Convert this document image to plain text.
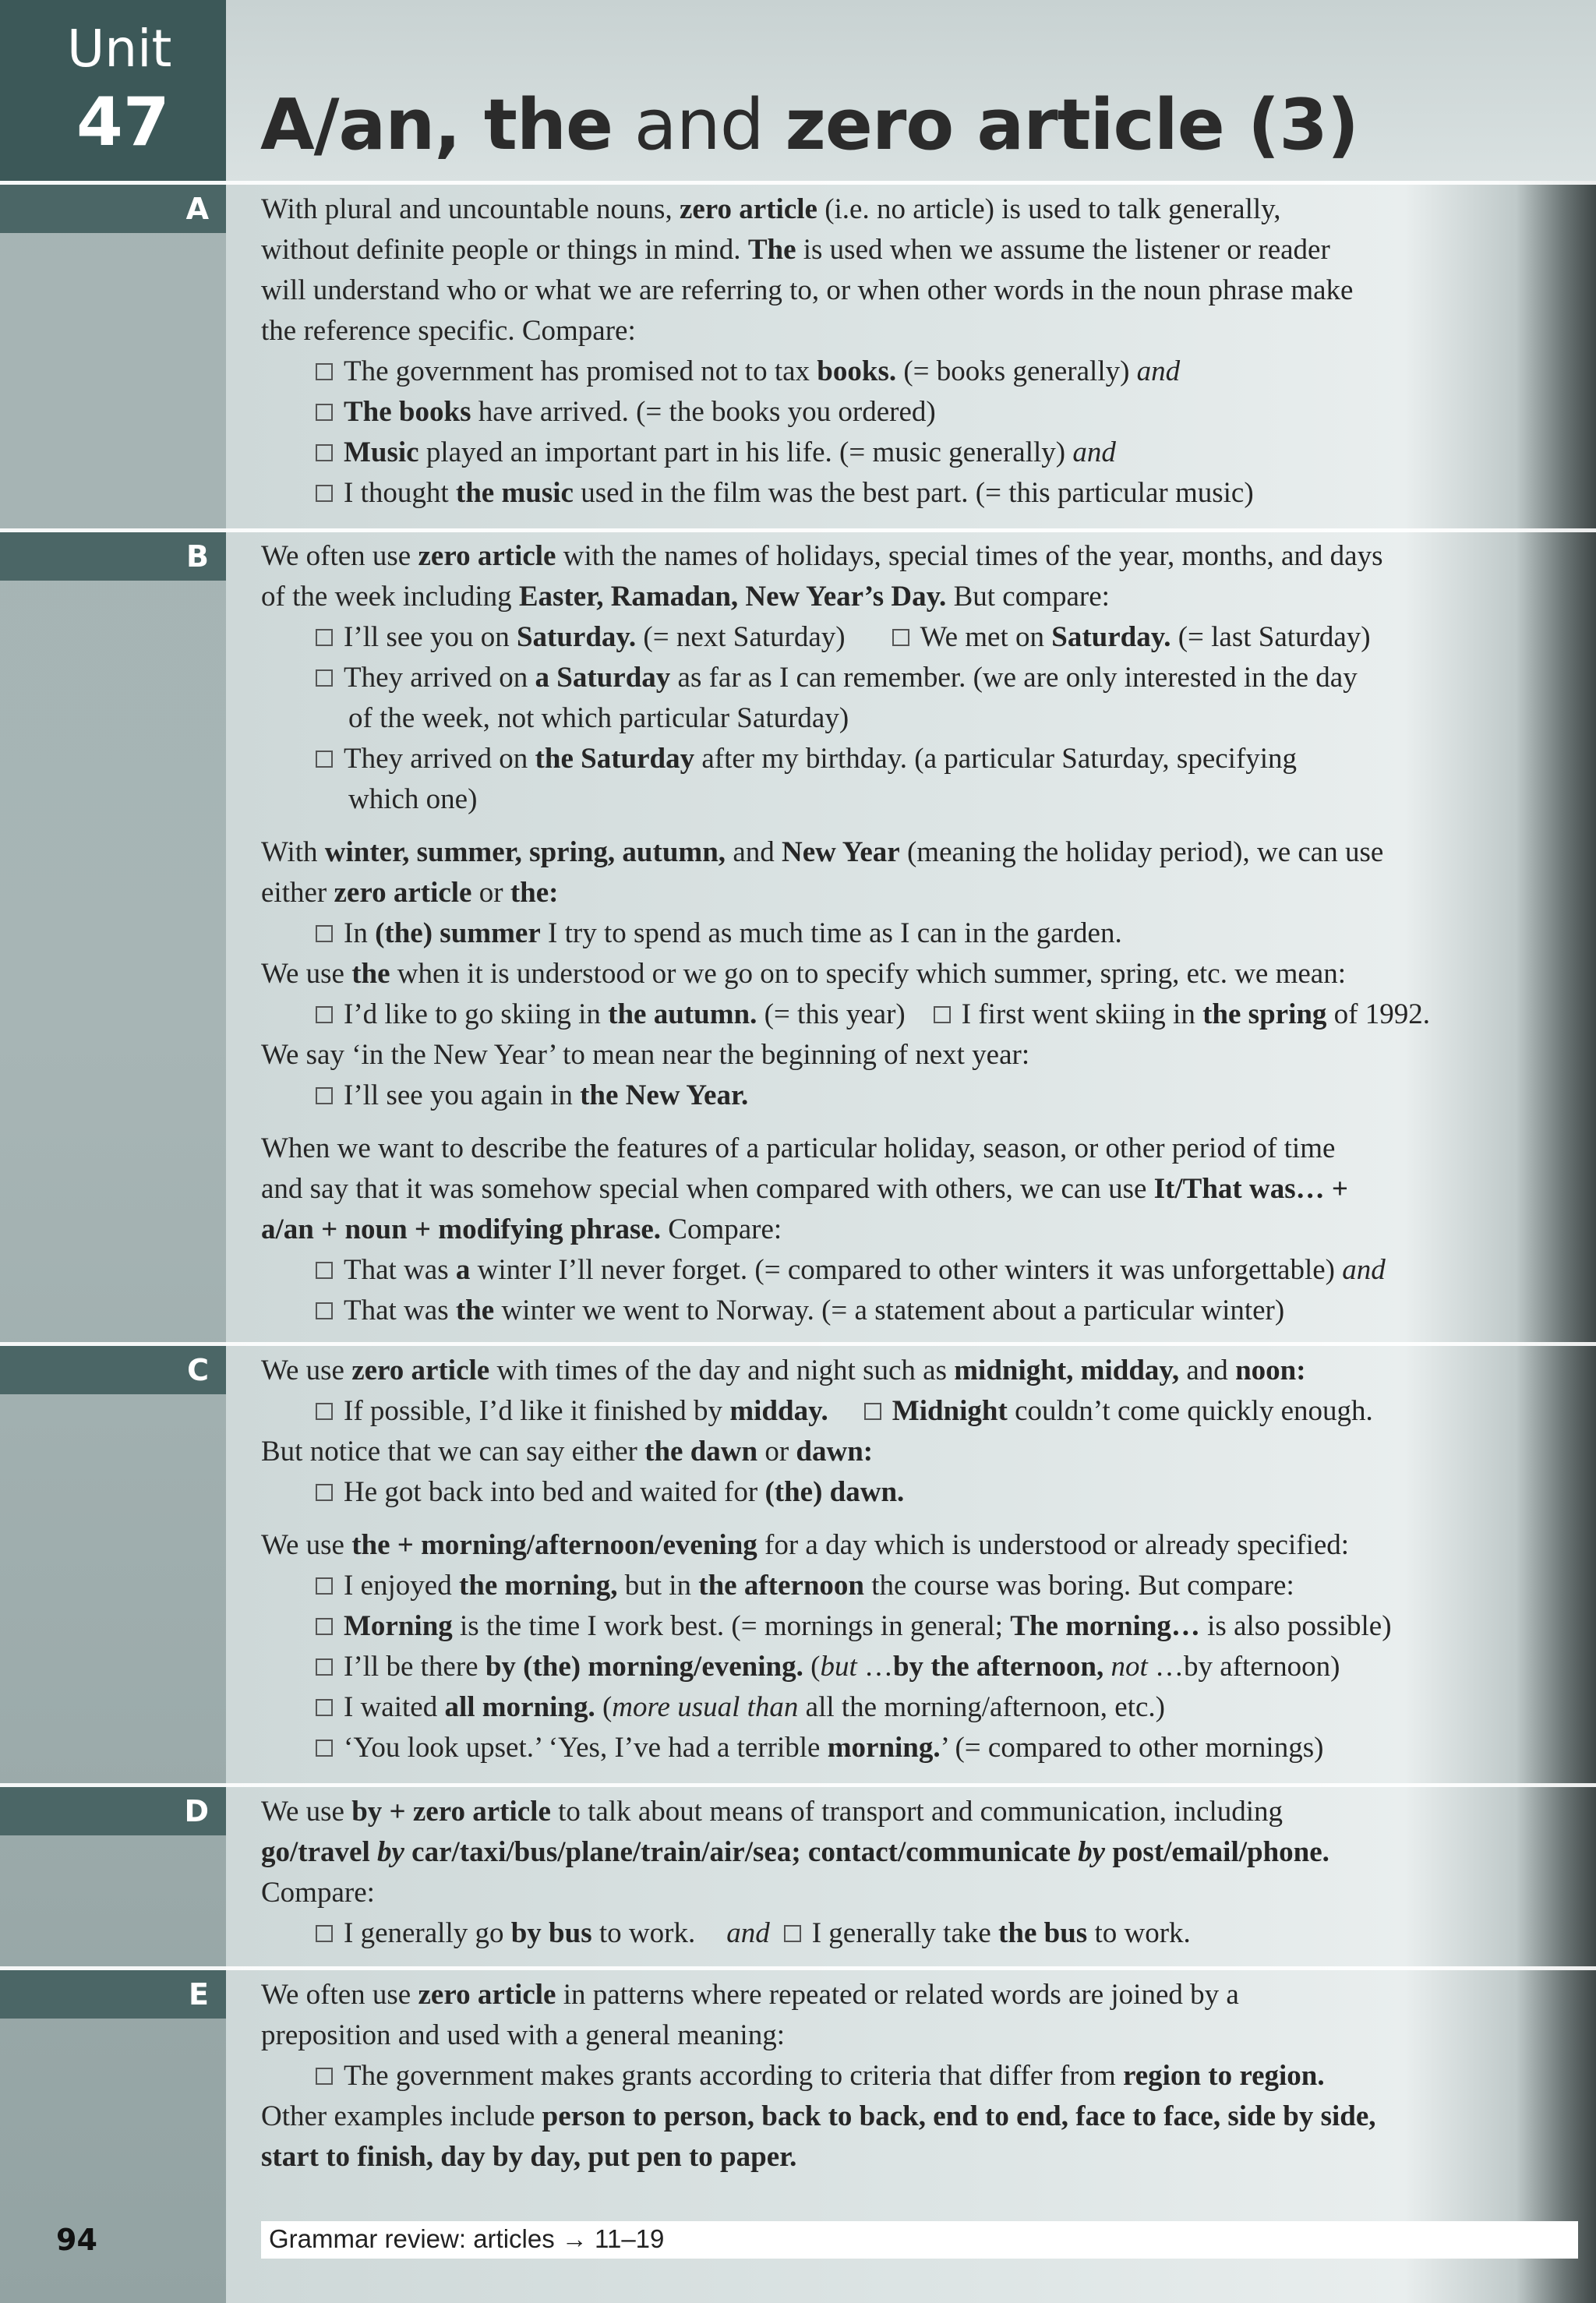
Unit
47 A/an, the and zero article (3)
A
B
C
D
E
With plural and uncountable nouns, zero article (i.e. no article) is used to talk generally,
without definite people or things in mind. The is used when we assume the listener or reader
will understand who or what we are referring to, or when other words in the noun phrase make
the reference specific. Compare:
The government has promised not to tax books. (= books generally) and
The books have arrived. (= the books you ordered)
Music played an important part in his life. (= music generally) and
I thought the music used in the film was the best part. (= this particular music)
We often use zero article with the names of holidays, special times of the year, months, and days
of the week including Easter, Ramadan, New Year’s Day. But compare:
I’ll see you on Saturday. (= next Saturday)	We met on Saturday. (= last Saturday)
They arrived on a Saturday as far as I can remember. (we are only interested in the day
of the week, not which particular Saturday)
They arrived on the Saturday after my birthday. (a particular Saturday, specifying
which one)
With winter, summer, spring, autumn, and New Year (meaning the holiday period), we can use
either zero article or the:
In (the) summer I try to spend as much time as I can in the garden.
We use the when it is understood or we go on to specify which summer, spring, etc. we mean:
I’d like to go skiing in the autumn. (= this year) I first went skiing in the spring of 1992.
We say ‘in the New Year’ to mean near the beginning of next year:
I’ll see you again in the New Year.
When we want to describe the features of a particular holiday, season, or other period of time
and say that it was somehow special when compared with others, we can use It/That was… +
a/an + noun + modifying phrase. Compare:
That was a winter I’ll never forget. (= compared to other winters it was unforgettable) and
That was the winter we went to Norway. (= a statement about a particular winter)
We use zero article with times of the day and night such as midnight, midday, and noon:
If possible, I’d like it finished by midday. Midnight couldn’t come quickly enough.
But notice that we can say either the dawn or dawn:
He got back into bed and waited for (the) dawn.
We use the + morning/afternoon/evening for a day which is understood or already specified:
I enjoyed the morning, but in the afternoon the course was boring. But compare:
Morning is the time I work best. (= mornings in general; The morning… is also possible)
I’ll be there by (the) morning/evening. (but …by the afternoon, not …by afternoon)
I waited all morning. (more usual than all the morning/afternoon, etc.)
‘You look upset.’ ‘Yes, I’ve had a terrible morning.’ (= compared to other mornings)
We use by + zero article to talk about means of transport and communication, including
go/travel by car/taxi/bus/plane/train/air/sea; contact/communicate by post/email/phone.
Compare:
I generally go by bus to work. and I generally take the bus to work.
We often use zero article in patterns where repeated or related words are joined by a
preposition and used with a general meaning:
The government makes grants according to criteria that differ from region to region.
Other examples include person to person, back to back, end to end, face to face, side by side,
start to finish, day by day, put pen to paper.
94	Grammar review: articles → 11–19
